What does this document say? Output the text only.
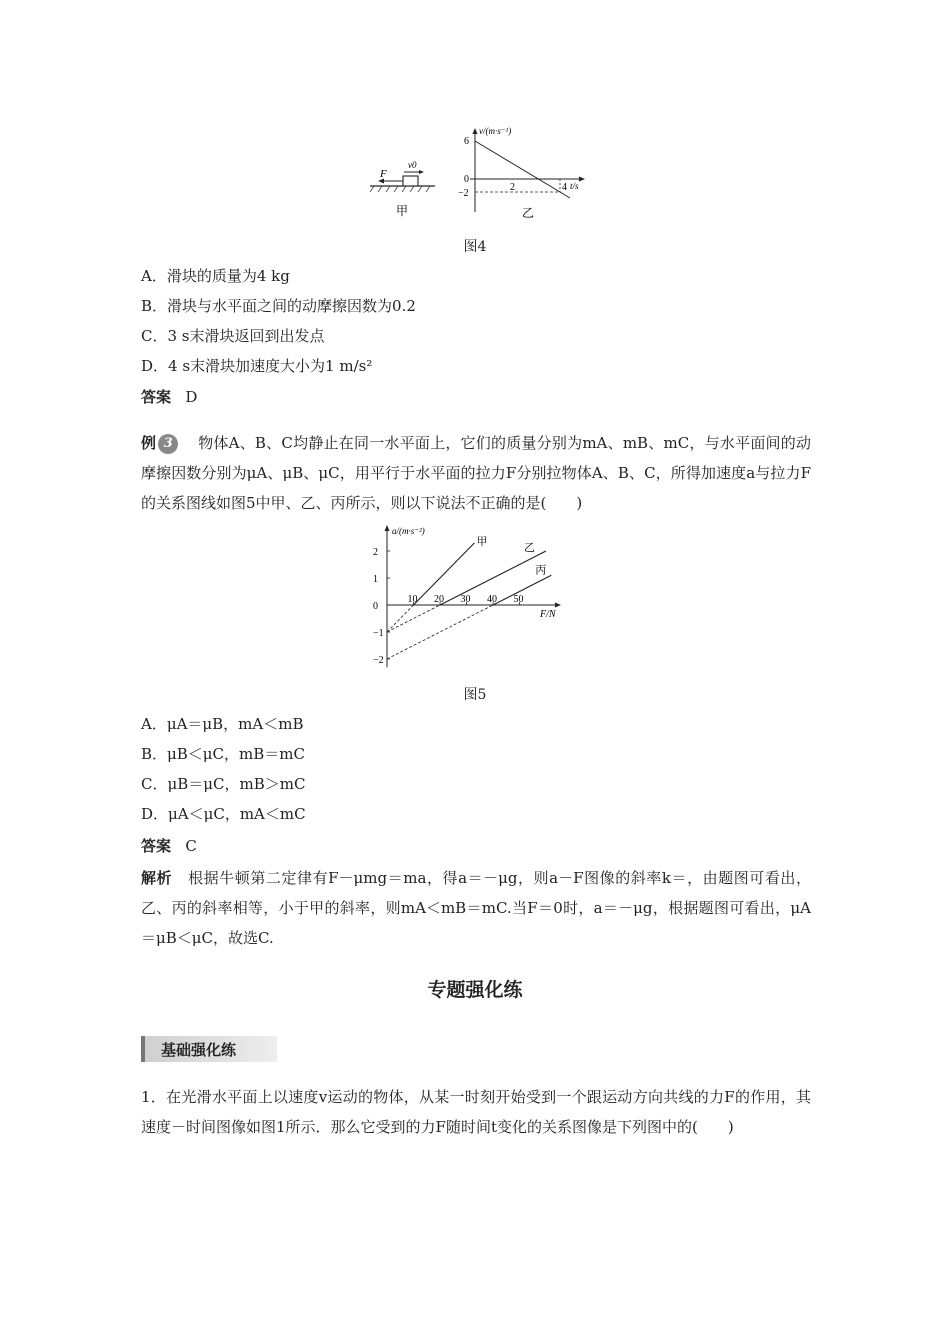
F
v0
甲
v/(m·s⁻¹)
t/s
6
0
−2
2	4
乙
图4
A．滑块的质量为4 kg
B．滑块与水平面之间的动摩擦因数为0.2
C．3 s末滑块返回到出发点
D．4 s末滑块加速度大小为1 m/s²
答案 D
例 3 物体A、B、C均静止在同一水平面上，它们的质量分别为mA、mB、mC，与水平面间的动摩擦因数分别为μA、μB、μC，用平行于水平面的拉力F分别拉物体A、B、C，所得加速度a与拉力F的关系图线如图5中甲、乙、丙所示，则以下说法不正确的是(　　)
a/(m·s⁻²)
F/N
10 20 30 40 50
2
1
0
−1
−2
甲
乙
丙
图5
A．μA＝μB，mA＜mB
B．μB＜μC，mB＝mC
C．μB＝μC，mB＞mC
D．μA＜μC，mA＜mC
答案 C
解析 根据牛顿第二定律有F－μmg＝ma，得a＝－μg，则a－F图像的斜率k＝，由题图可看出，乙、丙的斜率相等，小于甲的斜率，则mA＜mB＝mC.当F＝0时，a＝－μg，根据题图可看出，μA＝μB＜μC，故选C.
专题强化练
基础强化练
1．在光滑水平面上以速度v运动的物体，从某一时刻开始受到一个跟运动方向共线的力F的作用，其速度－时间图像如图1所示．那么它受到的力F随时间t变化的关系图像是下列图中的(　　)
